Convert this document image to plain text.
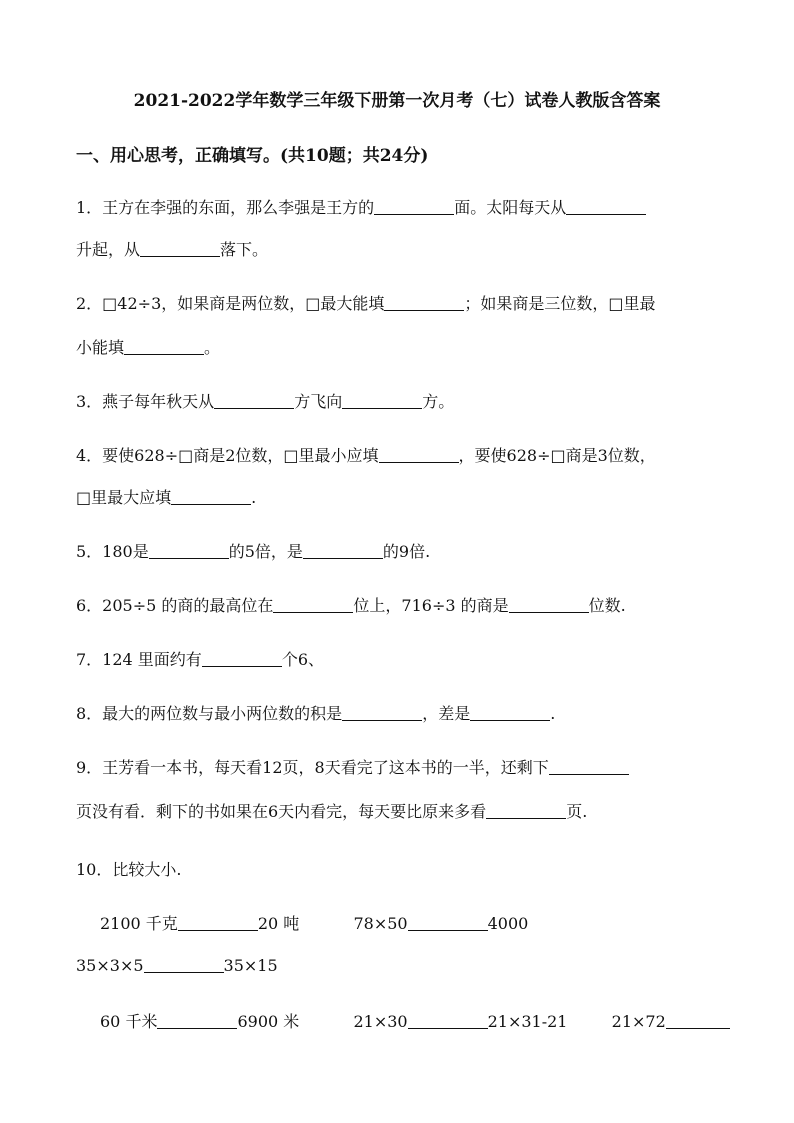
2021-2022学年数学三年级下册第一次月考（七）试卷人教版含答案
一、用心思考，正确填写。(共10题；共24分)
1．王方在李强的东面，那么李强是王方的	面。太阳每天从
升起，从	落下。
2．□42÷3，如果商是两位数，□最大能填	；如果商是三位数，□里最
小能填	。
3．燕子每年秋天从	方飞向	方。
4．要使628÷□商是2位数，□里最小应填	，要使628÷□商是3位数，
□里最大应填	.
5．180是	的5倍，是	的9倍.
6．205÷5 的商的最高位在	位上，716÷3 的商是	位数.
7．124 里面约有	个6、
8．最大的两位数与最小两位数的积是	，差是	.
9．王芳看一本书，每天看12页，8天看完了这本书的一半，还剩下
页没有看．剩下的书如果在6天内看完，每天要比原来多看	页.
10．比较大小.
2100 千克	20 吨	78×50	4000
35×3×5	35×15
60 千米	6900 米	21×30	21×31-21	21×72
